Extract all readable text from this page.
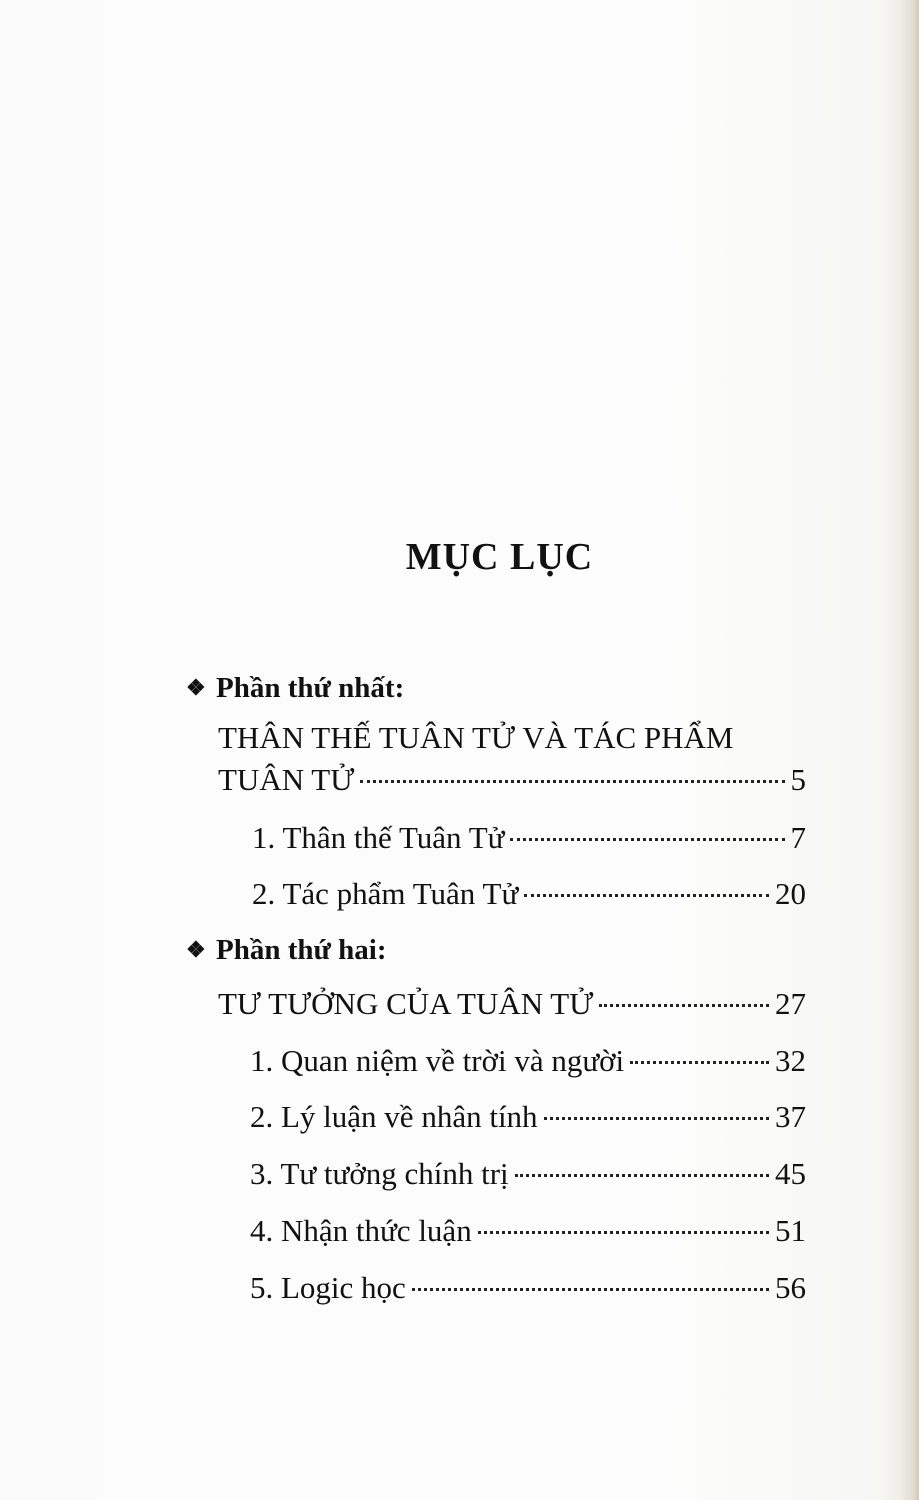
MỤC LỤC
❖ Phần thứ nhất:
THÂN THẾ TUÂN TỬ VÀ TÁC PHẨM
TUÂN TỬ	5
1. Thân thế Tuân Tử	7
2. Tác phẩm Tuân Tử	20
❖ Phần thứ hai:
TƯ TƯỞNG CỦA TUÂN TỬ	27
1. Quan niệm về trời và người	32
2. Lý luận về nhân tính	37
3. Tư tưởng chính trị	45
4. Nhận thức luận	51
5. Logic học	56
